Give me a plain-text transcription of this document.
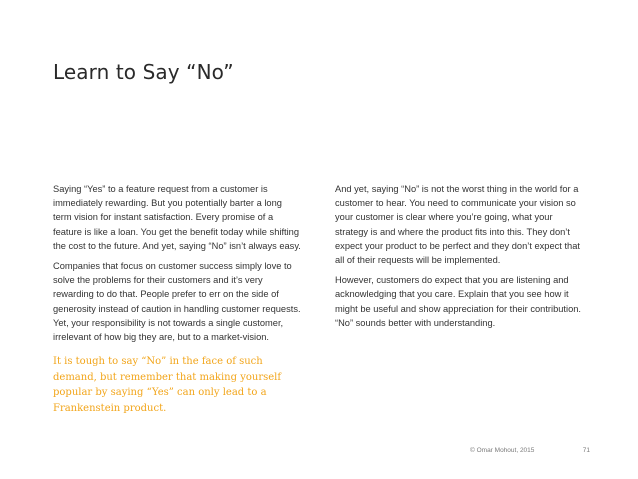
Learn to Say “No”

Saying “Yes” to a feature request from a customer is immediately rewarding. But you potentially barter a long term vision for instant satisfaction. Every promise of a feature is like a loan. You get the benefit today while shifting the cost to the future. And yet, saying “No” isn’t always easy.

Companies that focus on customer success simply love to solve the problems for their customers and it’s very rewarding to do that. People prefer to err on the side of generosity instead of caution in handling customer requests. Yet, your responsibility is not towards a single customer, irrelevant of how big they are, but to a market-vision.

It is tough to say “No” in the face of such demand, but remember that making yourself popular by saying “Yes” can only lead to a Frankenstein product.

And yet, saying “No” is not the worst thing in the world for a customer to hear. You need to communicate your vision so your customer is clear where you’re going, what your strategy is and where the product fits into this. They don’t expect your product to be perfect and they don’t expect that all of their requests will be implemented.

However, customers do expect that you are listening and acknowledging that you care. Explain that you see how it might be useful and show appreciation for their contribution. “No” sounds better with understanding.

© Omar Mohout, 2015	71
